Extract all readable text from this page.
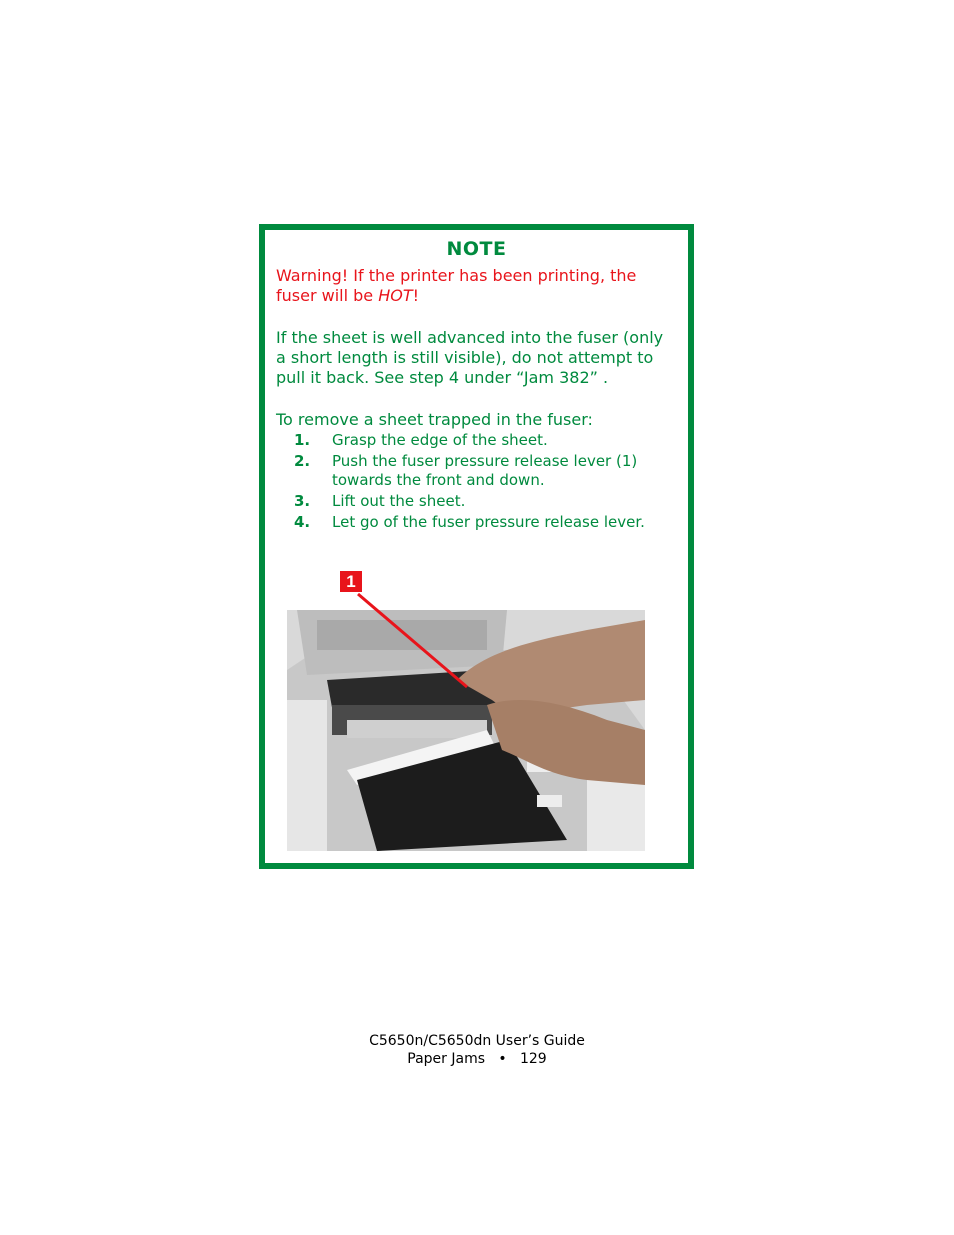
NOTE
Warning! If the printer has been printing, the fuser will be HOT!
If the sheet is well advanced into the fuser (only a short length is still visible), do not attempt to pull it back. See step 4 under “Jam 382” .
To remove a sheet trapped in the fuser:
1. Grasp the edge of the sheet.
2. Push the fuser pressure release lever (1) towards the front and down.
3. Lift out the sheet.
4. Let go of the fuser pressure release lever.
1
C5650n/C5650dn User’s Guide
Paper Jams   •   129
